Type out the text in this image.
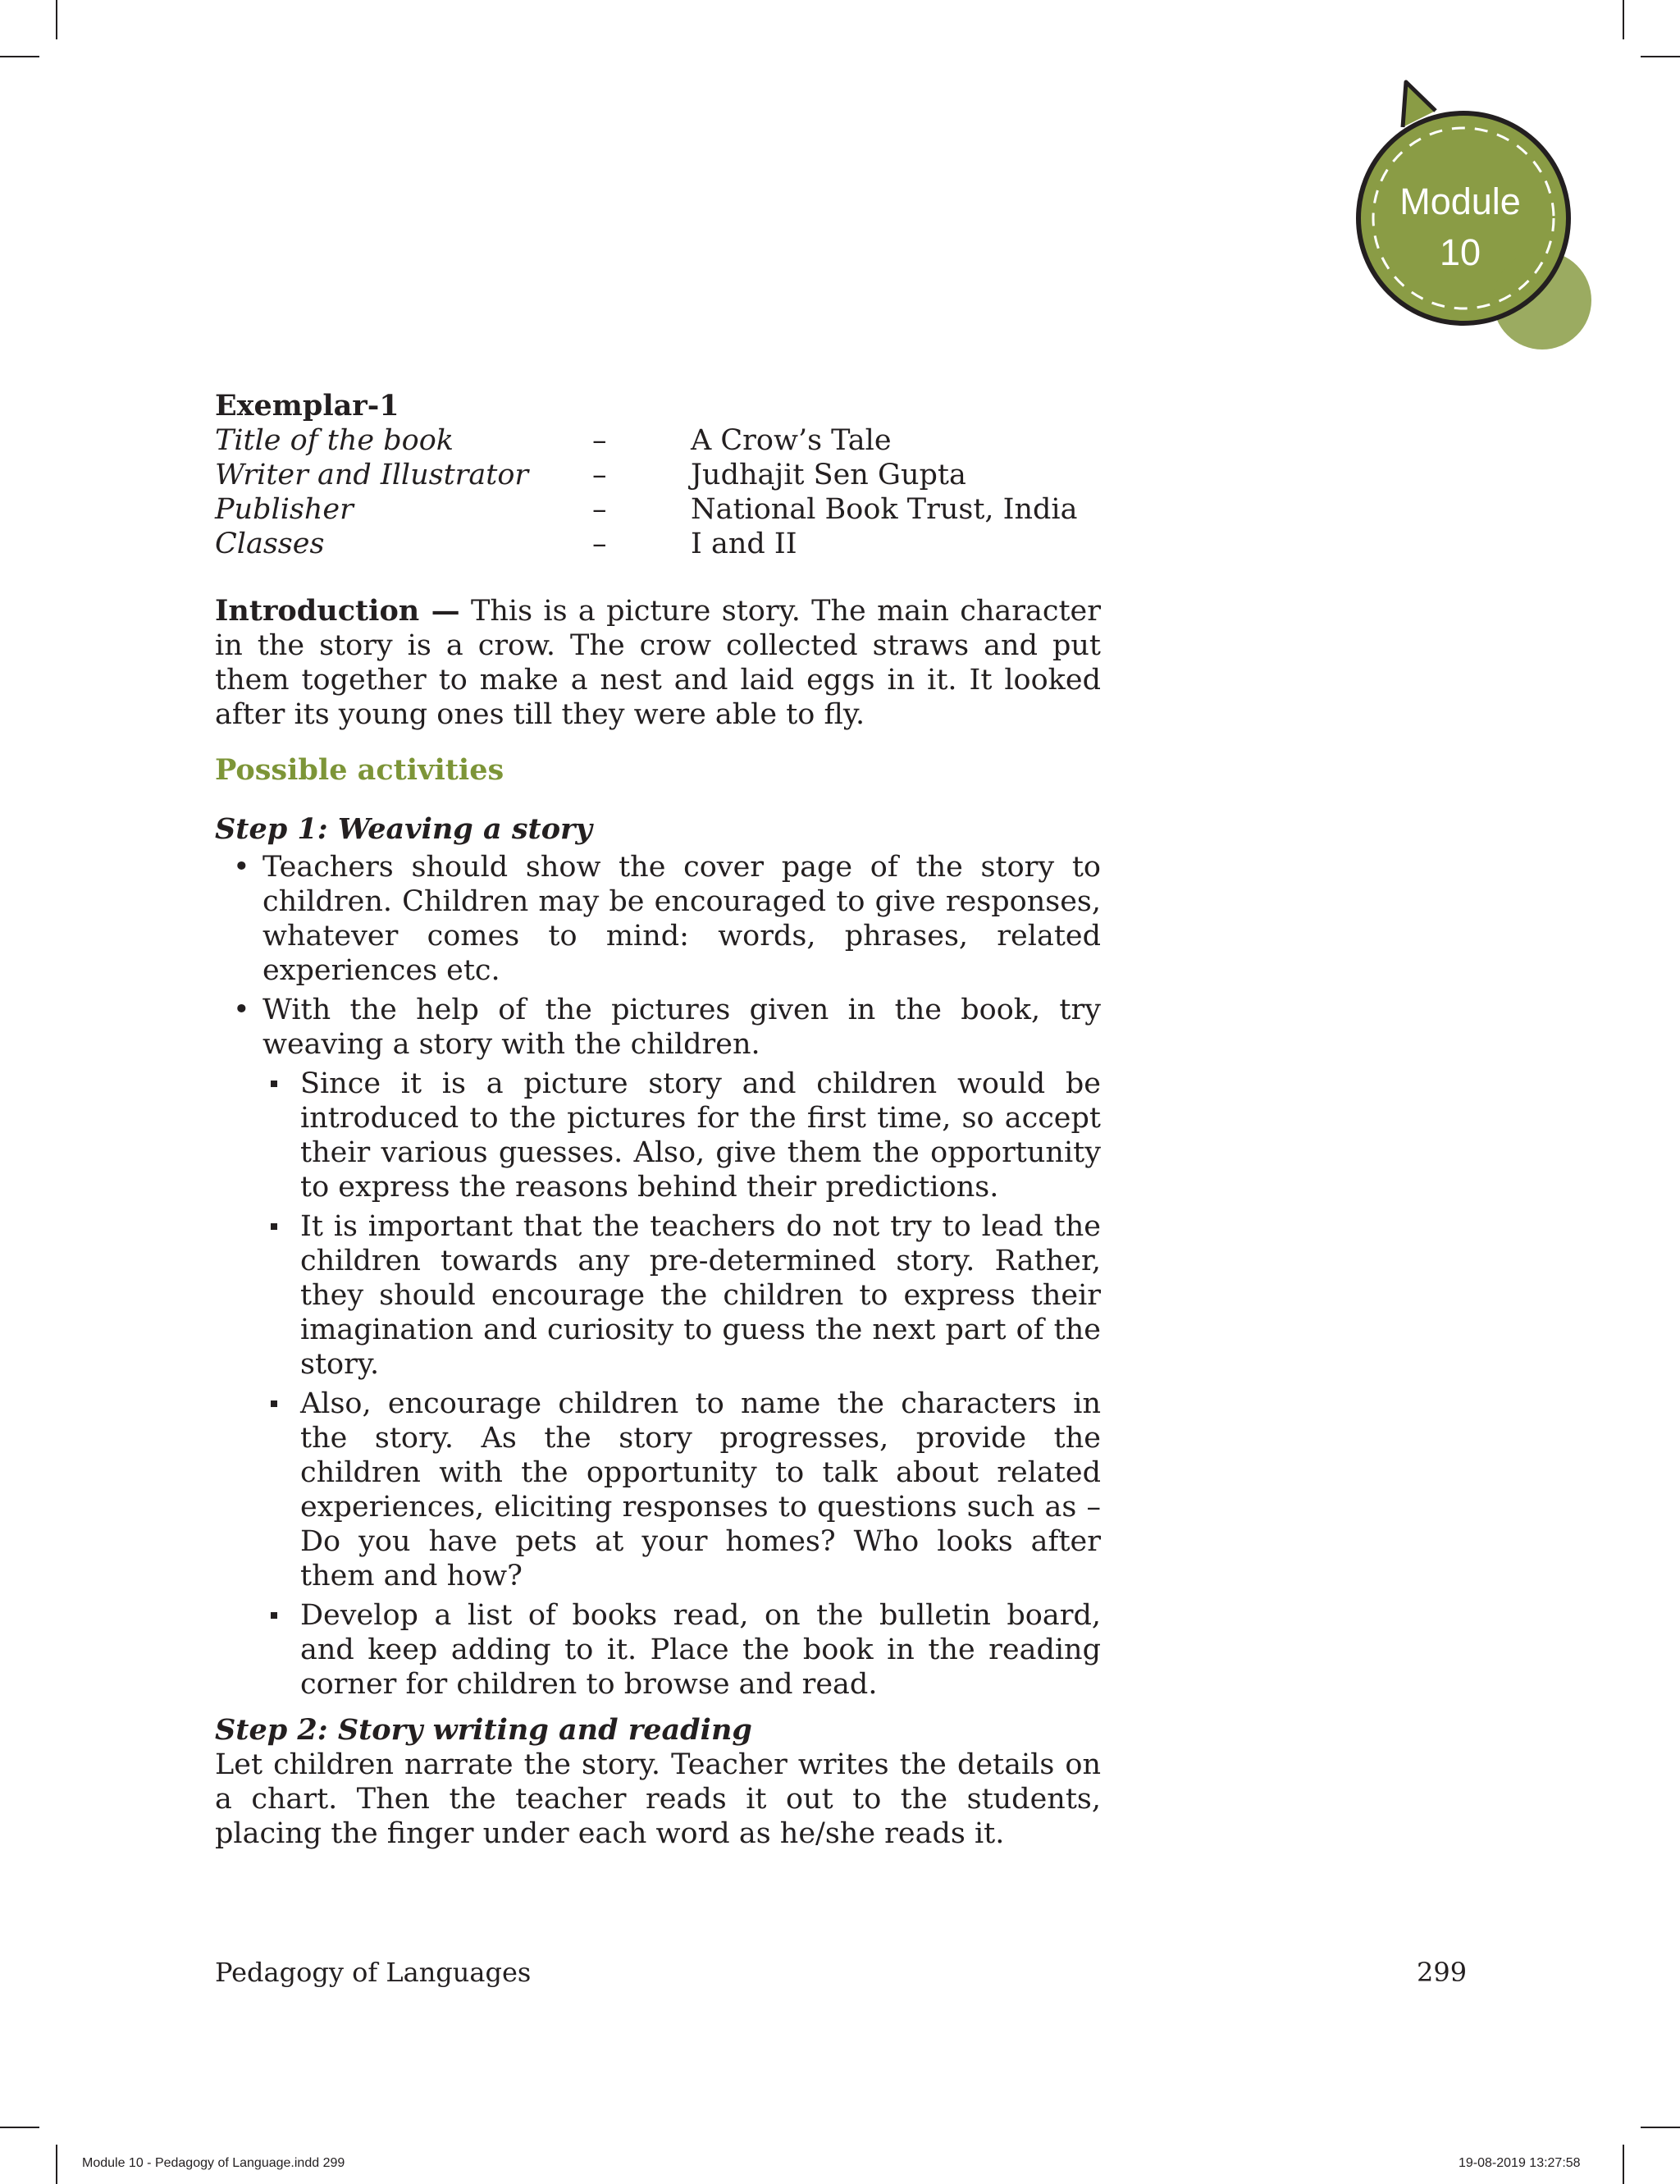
Module
10
Exemplar-1
Title of the book	–	A Crow’s Tale
Writer and Illustrator	–	Judhajit Sen Gupta
Publisher	–	National Book Trust, India
Classes	–	I and II
Introduction — This is a picture story. The main character in the story is a crow. The crow collected straws and put them together to make a nest and laid eggs in it. It looked after its young ones till they were able to fly.
Possible activities
Step 1: Weaving a story
• Teachers should show the cover page of the story to children. Children may be encouraged to give responses, whatever comes to mind: words, phrases, related experiences etc.
• With the help of the pictures given in the book, try weaving a story with the children.
Since it is a picture story and children would be introduced to the pictures for the first time, so accept their various guesses. Also, give them the opportunity to express the reasons behind their predictions.
It is important that the teachers do not try to lead the children towards any pre-determined story. Rather, they should encourage the children to express their imagination and curiosity to guess the next part of the story.
Also, encourage children to name the characters in the story. As the story progresses, provide the children with the opportunity to talk about related experiences, eliciting responses to questions such as – Do you have pets at your homes? Who looks after them and how?
Develop a list of books read, on the bulletin board, and keep adding to it. Place the book in the reading corner for children to browse and read.
Step 2: Story writing and reading
Let children narrate the story. Teacher writes the details on a chart. Then the teacher reads it out to the students, placing the finger under each word as he/she reads it.
Pedagogy of Languages	299
Module 10 - Pedagogy of Language.indd 299	19-08-2019 13:27:58
